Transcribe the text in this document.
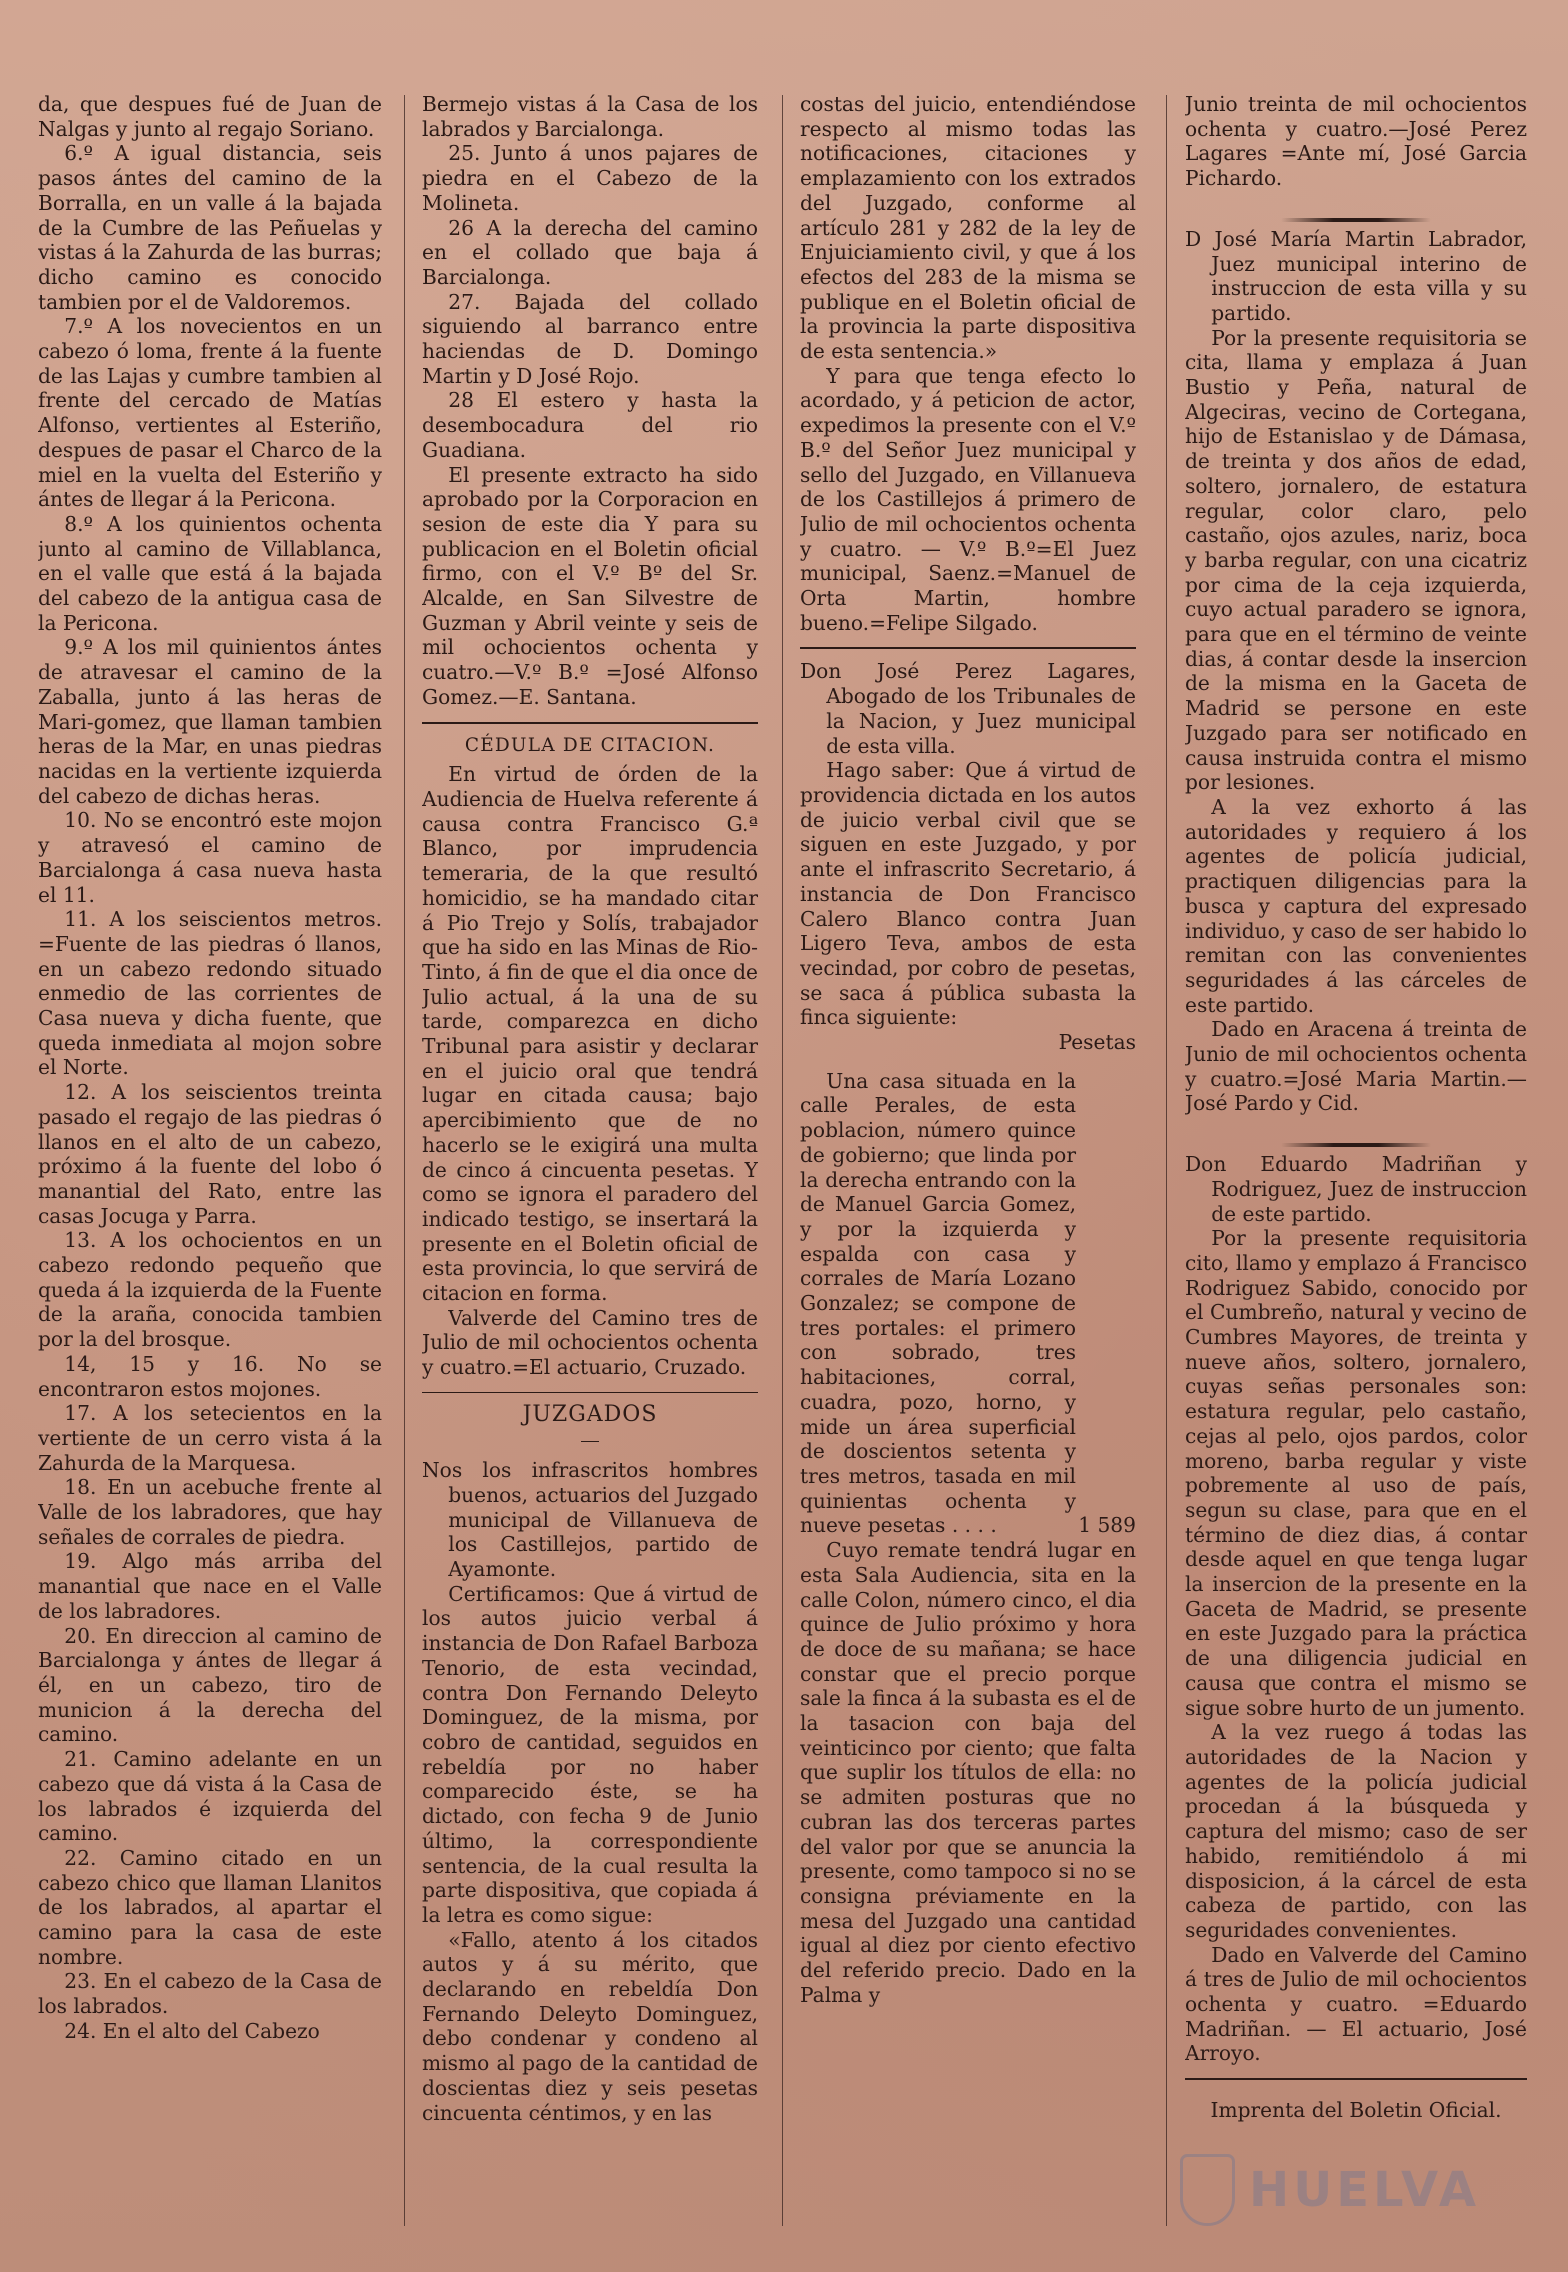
da, que despues fué de Juan de Nalgas y junto al regajo Soriano.

6.º A igual distancia, seis pasos ántes del camino de la Borralla, en un valle á la bajada de la Cumbre de las Peñuelas y vistas á la Zahurda de las burras; dicho camino es conocido tambien por el de Valdoremos.

7.º A los novecientos en un cabezo ó loma, frente á la fuente de las Lajas y cumbre tambien al frente del cercado de Matías Alfonso, vertientes al Esteriño, despues de pasar el Charco de la miel en la vuelta del Esteriño y ántes de llegar á la Pericona.

8.º A los quinientos ochenta junto al camino de Villablanca, en el valle que está á la bajada del cabezo de la antigua casa de la Pericona.

9.º A los mil quinientos ántes de atravesar el camino de la Zaballa, junto á las heras de Mari-gomez, que llaman tambien heras de la Mar, en unas piedras nacidas en la vertiente izquierda del cabezo de dichas heras.

10. No se encontró este mojon y atravesó el camino de Barcialonga á casa nueva hasta el 11.

11. A los seiscientos metros. =Fuente de las piedras ó llanos, en un cabezo redondo situado enmedio de las corrientes de Casa nueva y dicha fuente, que queda inmediata al mojon sobre el Norte.

12. A los seiscientos treinta pasado el regajo de las piedras ó llanos en el alto de un cabezo, próximo á la fuente del lobo ó manantial del Rato, entre las casas Jocuga y Parra.

13. A los ochocientos en un cabezo redondo pequeño que queda á la izquierda de la Fuente de la araña, conocida tambien por la del brosque.

14, 15 y 16. No se encontraron estos mojones.

17. A los setecientos en la vertiente de un cerro vista á la Zahurda de la Marquesa.

18. En un acebuche frente al Valle de los labradores, que hay señales de corrales de piedra.

19. Algo más arriba del manantial que nace en el Valle de los labradores.

20. En direccion al camino de Barcialonga y ántes de llegar á él, en un cabezo, tiro de municion á la derecha del camino.

21. Camino adelante en un cabezo que dá vista á la Casa de los labrados é izquierda del camino.

22. Camino citado en un cabezo chico que llaman Llanitos de los labrados, al apartar el camino para la casa de este nombre.

23. En el cabezo de la Casa de los labrados.

24. En el alto del Cabezo

Bermejo vistas á la Casa de los labrados y Barcialonga.

25. Junto á unos pajares de piedra en el Cabezo de la Molineta.

26 A la derecha del camino en el collado que baja á Barcialonga.

27. Bajada del collado siguiendo al barranco entre haciendas de D. Domingo Martin y D José Rojo.

28 El estero y hasta la desembocadura del rio Guadiana.

El presente extracto ha sido aprobado por la Corporacion en sesion de este dia Y para su publicacion en el Boletin oficial firmo, con el V.º Bº del Sr. Alcalde, en San Silvestre de Guzman y Abril veinte y seis de mil ochocientos ochenta y cuatro.—V.º B.º =José Alfonso Gomez.—E. Santana.

CÉDULA DE CITACION.

En virtud de órden de la Audiencia de Huelva referente á causa contra Francisco G.ª Blanco, por imprudencia temeraria, de la que resultó homicidio, se ha mandado citar á Pio Trejo y Solís, trabajador que ha sido en las Minas de Rio-Tinto, á fin de que el dia once de Julio actual, á la una de su tarde, comparezca en dicho Tribunal para asistir y declarar en el juicio oral que tendrá lugar en citada causa; bajo apercibimiento que de no hacerlo se le exigirá una multa de cinco á cincuenta pesetas. Y como se ignora el paradero del indicado testigo, se insertará la presente en el Boletin oficial de esta provincia, lo que servirá de citacion en forma.

Valverde del Camino tres de Julio de mil ochocientos ochenta y cuatro.=El actuario, Cruzado.

JUZGADOS

Nos los infrascritos hombres buenos, actuarios del Juzgado municipal de Villanueva de los Castillejos, partido de Ayamonte.

Certificamos: Que á virtud de los autos juicio verbal á instancia de Don Rafael Barboza Tenorio, de esta vecindad, contra Don Fernando Deleyto Dominguez, de la misma, por cobro de cantidad, seguidos en rebeldía por no haber comparecido éste, se ha dictado, con fecha 9 de Junio último, la correspondiente sentencia, de la cual resulta la parte dispositiva, que copiada á la letra es como sigue:

«Fallo, atento á los citados autos y á su mérito, que declarando en rebeldía Don Fernando Deleyto Dominguez, debo condenar y condeno al mismo al pago de la cantidad de doscientas diez y seis pesetas cincuenta céntimos, y en las

costas del juicio, entendiéndose respecto al mismo todas las notificaciones, citaciones y emplazamiento con los extrados del Juzgado, conforme al artículo 281 y 282 de la ley de Enjuiciamiento civil, y que á los efectos del 283 de la misma se publique en el Boletin oficial de la provincia la parte dispositiva de esta sentencia.»

Y para que tenga efecto lo acordado, y á peticion de actor, expedimos la presente con el V.º B.º del Señor Juez municipal y sello del Juzgado, en Villanueva de los Castillejos á primero de Julio de mil ochocientos ochenta y cuatro. — V.º B.º=El Juez municipal, Saenz.=Manuel de Orta Martin, hombre bueno.=Felipe Silgado.

Don José Perez Lagares, Abogado de los Tribunales de la Nacion, y Juez municipal de esta villa.

Hago saber: Que á virtud de providencia dictada en los autos de juicio verbal civil que se siguen en este Juzgado, y por ante el infrascrito Secretario, á instancia de Don Francisco Calero Blanco contra Juan Ligero Teva, ambos de esta vecindad, por cobro de pesetas, se saca á pública subasta la finca siguiente:

Pesetas

Una casa situada en la calle Perales, de esta poblacion, número quince de gobierno; que linda por la derecha entrando con la de Manuel Garcia Gomez, y por la izquierda y espalda con casa y corrales de María Lozano Gonzalez; se compone de tres portales: el primero con sobrado, tres habitaciones, corral, cuadra, pozo, horno, y mide un área superficial de doscientos setenta y tres metros, tasada en mil quinientas ochenta y nueve pesetas . . . .	1 589

Cuyo remate tendrá lugar en esta Sala Audiencia, sita en la calle Colon, número cinco, el dia quince de Julio próximo y hora de doce de su mañana; se hace constar que el precio porque sale la finca á la subasta es el de la tasacion con baja del veinticinco por ciento; que falta que suplir los títulos de ella: no se admiten posturas que no cubran las dos terceras partes del valor por que se anuncia la presente, como tampoco si no se consigna préviamente en la mesa del Juzgado una cantidad igual al diez por ciento efectivo del referido precio. Dado en la Palma y

Junio treinta de mil ochocientos ochenta y cuatro.—José Perez Lagares =Ante mí, José Garcia Pichardo.

D José María Martin Labrador, Juez municipal interino de instruccion de esta villa y su partido.

Por la presente requisitoria se cita, llama y emplaza á Juan Bustio y Peña, natural de Algeciras, vecino de Cortegana, hijo de Estanislao y de Dámasa, de treinta y dos años de edad, soltero, jornalero, de estatura regular, color claro, pelo castaño, ojos azules, nariz, boca y barba regular, con una cicatriz por cima de la ceja izquierda, cuyo actual paradero se ignora, para que en el término de veinte dias, á contar desde la insercion de la misma en la Gaceta de Madrid se persone en este Juzgado para ser notificado en causa instruida contra el mismo por lesiones.

A la vez exhorto á las autoridades y requiero á los agentes de policía judicial, practiquen diligencias para la busca y captura del expresado individuo, y caso de ser habido lo remitan con las convenientes seguridades á las cárceles de este partido.

Dado en Aracena á treinta de Junio de mil ochocientos ochenta y cuatro.=José Maria Martin.— José Pardo y Cid.

Don Eduardo Madriñan y Rodriguez, Juez de instruccion de este partido.

Por la presente requisitoria cito, llamo y emplazo á Francisco Rodriguez Sabido, conocido por el Cumbreño, natural y vecino de Cumbres Mayores, de treinta y nueve años, soltero, jornalero, cuyas señas personales son: estatura regular, pelo castaño, cejas al pelo, ojos pardos, color moreno, barba regular y viste pobremente al uso de país, segun su clase, para que en el término de diez dias, á contar desde aquel en que tenga lugar la insercion de la presente en la Gaceta de Madrid, se presente en este Juzgado para la práctica de una diligencia judicial en causa que contra el mismo se sigue sobre hurto de un jumento.

A la vez ruego á todas las autoridades de la Nacion y agentes de la policía judicial procedan á la búsqueda y captura del mismo; caso de ser habido, remitiéndolo á mi disposicion, á la cárcel de esta cabeza de partido, con las seguridades convenientes.

Dado en Valverde del Camino á tres de Julio de mil ochocientos ochenta y cuatro. =Eduardo Madriñan. — El actuario, José Arroyo.

Imprenta del Boletin Oficial.

HUELVA
